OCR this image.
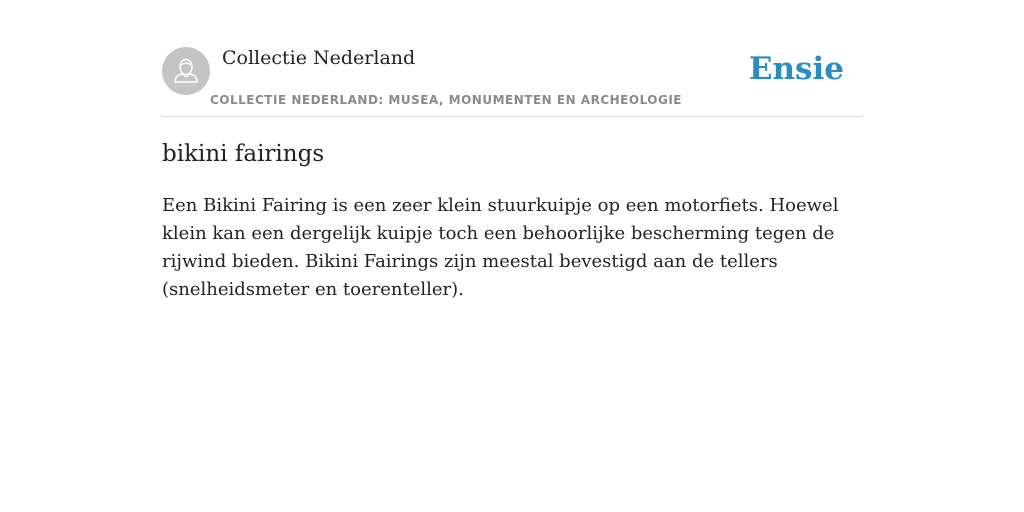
Collectie Nederland
COLLECTIE NEDERLAND: MUSEA, MONUMENTEN EN ARCHEOLOGIE
Ensie
bikini fairings

Een Bikini Fairing is een zeer klein stuurkuipje op een motorfiets. Hoewel klein kan een dergelijk kuipje toch een behoorlijke bescherming tegen de rijwind bieden. Bikini Fairings zijn meestal bevestigd aan de tellers (snelheidsmeter en toerenteller).
